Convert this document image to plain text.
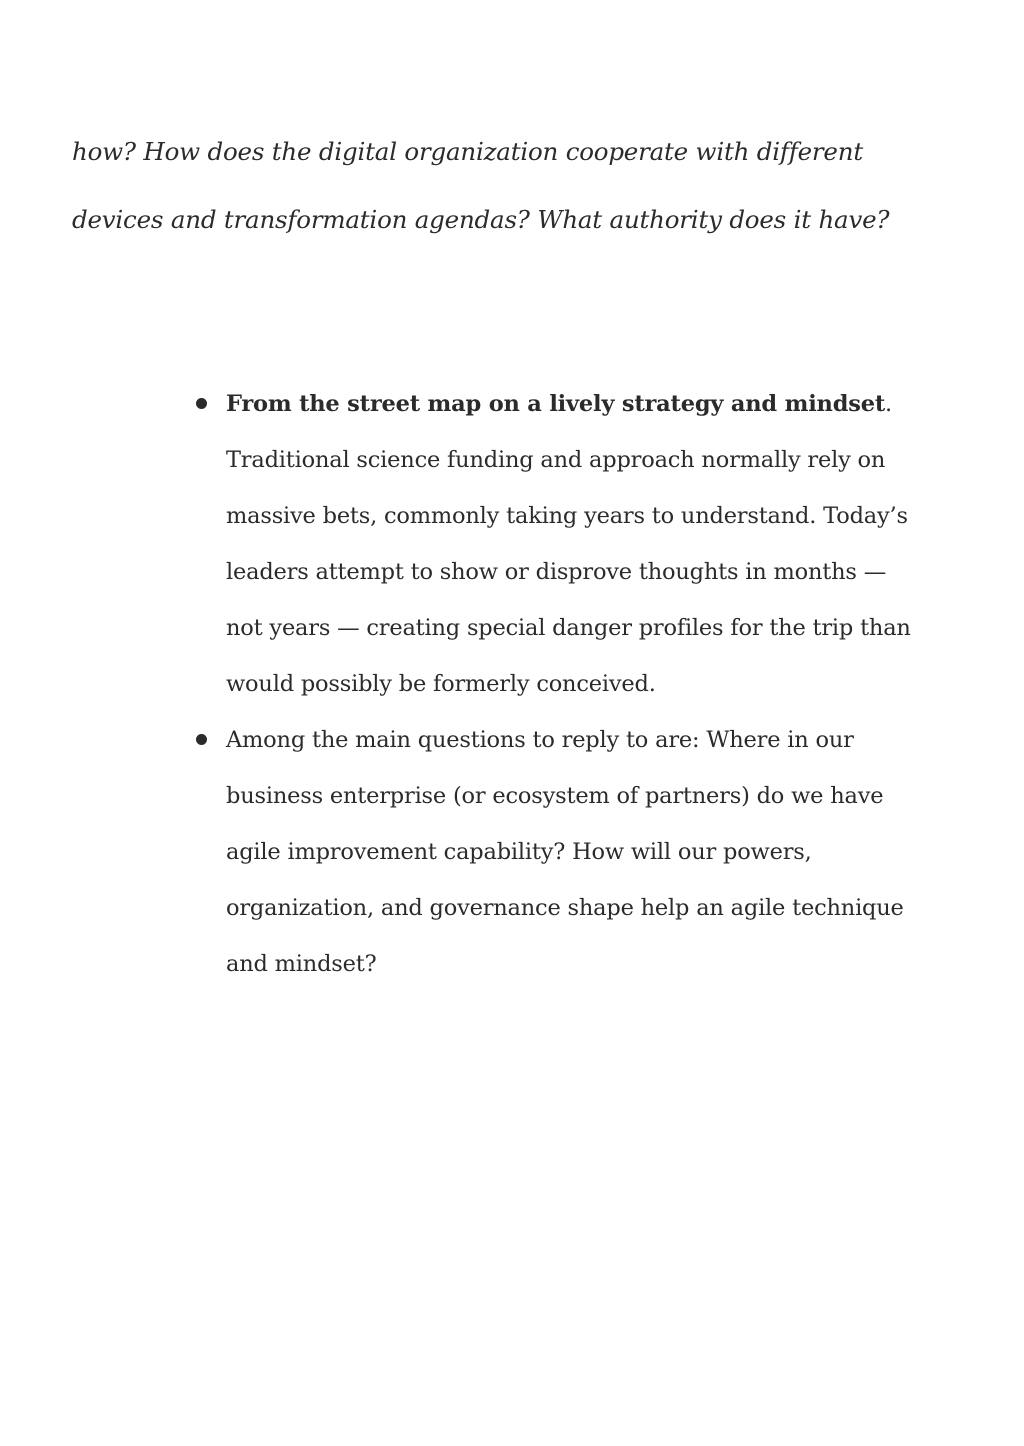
how? How does the digital organization cooperate with different devices and transformation agendas? What authority does it have?

From the street map on a lively strategy and mindset. Traditional science funding and approach normally rely on massive bets, commonly taking years to understand. Today’s leaders attempt to show or disprove thoughts in months — not years — creating special danger profiles for the trip than would possibly be formerly conceived.
Among the main questions to reply to are: Where in our business enterprise (or ecosystem of partners) do we have agile improvement capability? How will our powers, organization, and governance shape help an agile technique and mindset?
